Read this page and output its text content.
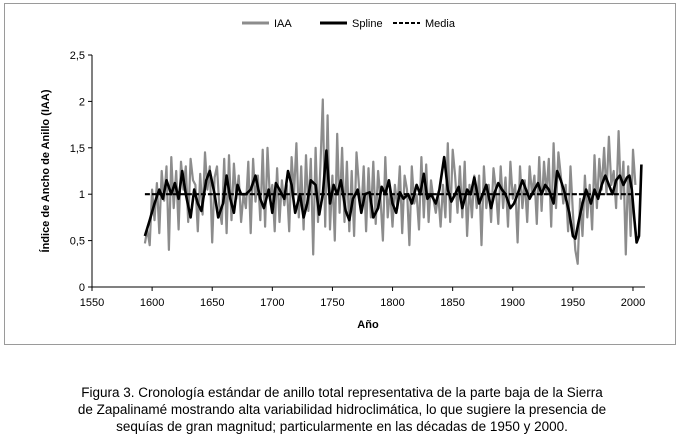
IAA	Spline	Media
0
0,5
1
1,5
2
2,5
1550	1600	1650	1700	1750	1800	1850	1900	1950	2000
Índice de Ancho de Anillo (IAA)
Año
Figura 3. Cronología estándar de anillo total representativa de la parte baja de la Sierra
de Zapalinamé mostrando alta variabilidad hidroclimática, lo que sugiere la presencia de
sequías de gran magnitud; particularmente en las décadas de 1950 y 2000.
